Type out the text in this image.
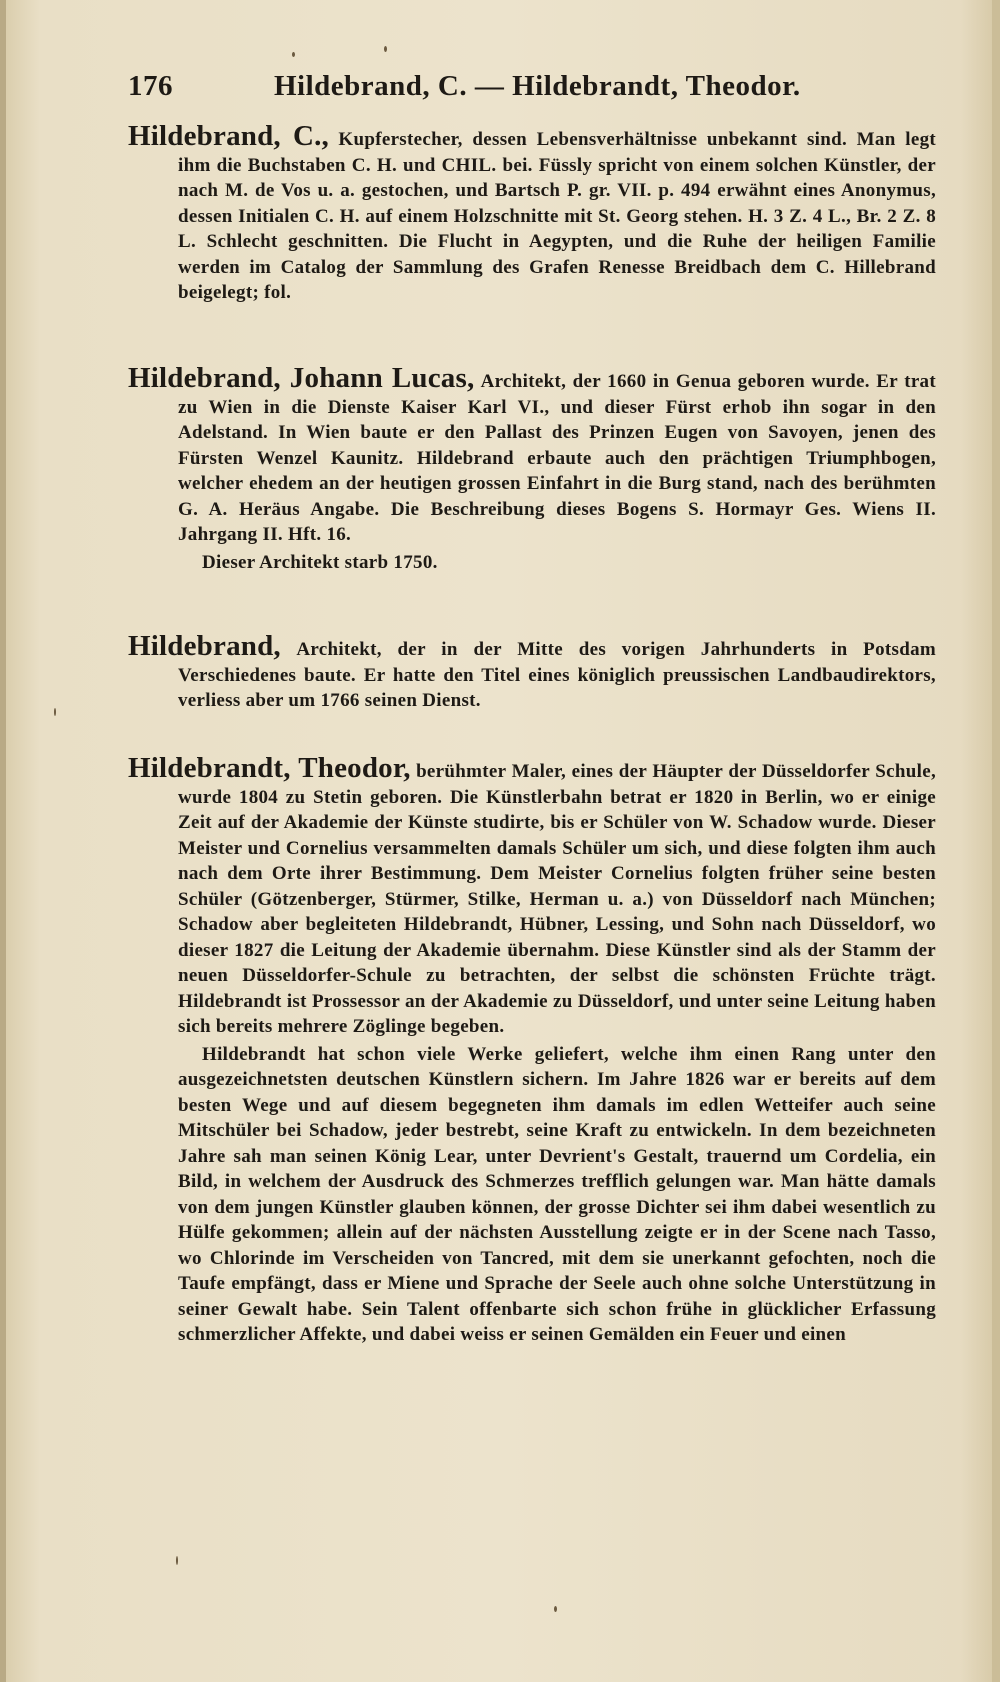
176	Hildebrand, C. — Hildebrandt, Theodor.

Hildebrand, C., Kupferstecher, dessen Lebensverhältnisse unbekannt sind. Man legt ihm die Buchstaben C. H. und CHIL. bei. Füssly spricht von einem solchen Künstler, der nach M. de Vos u. a. gestochen, und Bartsch P. gr. VII. p. 494 erwähnt eines Anonymus, dessen Initialen C. H. auf einem Holzschnitte mit St. Georg stehen. H. 3 Z. 4 L., Br. 2 Z. 8 L. Schlecht geschnitten. Die Flucht in Aegypten, und die Ruhe der heiligen Familie werden im Catalog der Sammlung des Grafen Renesse Breidbach dem C. Hillebrand beigelegt; fol.

Hildebrand, Johann Lucas, Architekt, der 1660 in Genua geboren wurde. Er trat zu Wien in die Dienste Kaiser Karl VI., und dieser Fürst erhob ihn sogar in den Adelstand. In Wien baute er den Pallast des Prinzen Eugen von Savoyen, jenen des Fürsten Wenzel Kaunitz. Hildebrand erbaute auch den prächtigen Triumphbogen, welcher ehedem an der heutigen grossen Einfahrt in die Burg stand, nach des berühmten G. A. Heräus Angabe. Die Beschreibung dieses Bogens S. Hormayr Ges. Wiens II. Jahrgang II. Hft. 16.

Dieser Architekt starb 1750.

Hildebrand, Architekt, der in der Mitte des vorigen Jahrhunderts in Potsdam Verschiedenes baute. Er hatte den Titel eines königlich preussischen Landbaudirektors, verliess aber um 1766 seinen Dienst.

Hildebrandt, Theodor, berühmter Maler, eines der Häupter der Düsseldorfer Schule, wurde 1804 zu Stetin geboren. Die Künstlerbahn betrat er 1820 in Berlin, wo er einige Zeit auf der Akademie der Künste studirte, bis er Schüler von W. Schadow wurde. Dieser Meister und Cornelius versammelten damals Schüler um sich, und diese folgten ihm auch nach dem Orte ihrer Bestimmung. Dem Meister Cornelius folgten früher seine besten Schüler (Götzenberger, Stürmer, Stilke, Herman u. a.) von Düsseldorf nach München; Schadow aber begleiteten Hildebrandt, Hübner, Lessing, und Sohn nach Düsseldorf, wo dieser 1827 die Leitung der Akademie übernahm. Diese Künstler sind als der Stamm der neuen Düsseldorfer-Schule zu betrachten, der selbst die schönsten Früchte trägt. Hildebrandt ist Prossessor an der Akademie zu Düsseldorf, und unter seine Leitung haben sich bereits mehrere Zöglinge begeben.

Hildebrandt hat schon viele Werke geliefert, welche ihm einen Rang unter den ausgezeichnetsten deutschen Künstlern sichern. Im Jahre 1826 war er bereits auf dem besten Wege und auf diesem begegneten ihm damals im edlen Wetteifer auch seine Mitschüler bei Schadow, jeder bestrebt, seine Kraft zu entwickeln. In dem bezeichneten Jahre sah man seinen König Lear, unter Devrient's Gestalt, trauernd um Cordelia, ein Bild, in welchem der Ausdruck des Schmerzes trefflich gelungen war. Man hätte damals von dem jungen Künstler glauben können, der grosse Dichter sei ihm dabei wesentlich zu Hülfe gekommen; allein auf der nächsten Ausstellung zeigte er in der Scene nach Tasso, wo Chlorinde im Verscheiden von Tancred, mit dem sie unerkannt gefochten, noch die Taufe empfängt, dass er Miene und Sprache der Seele auch ohne solche Unterstützung in seiner Gewalt habe. Sein Talent offenbarte sich schon frühe in glücklicher Erfassung schmerzlicher Affekte, und dabei weiss er seinen Gemälden ein Feuer und einen
